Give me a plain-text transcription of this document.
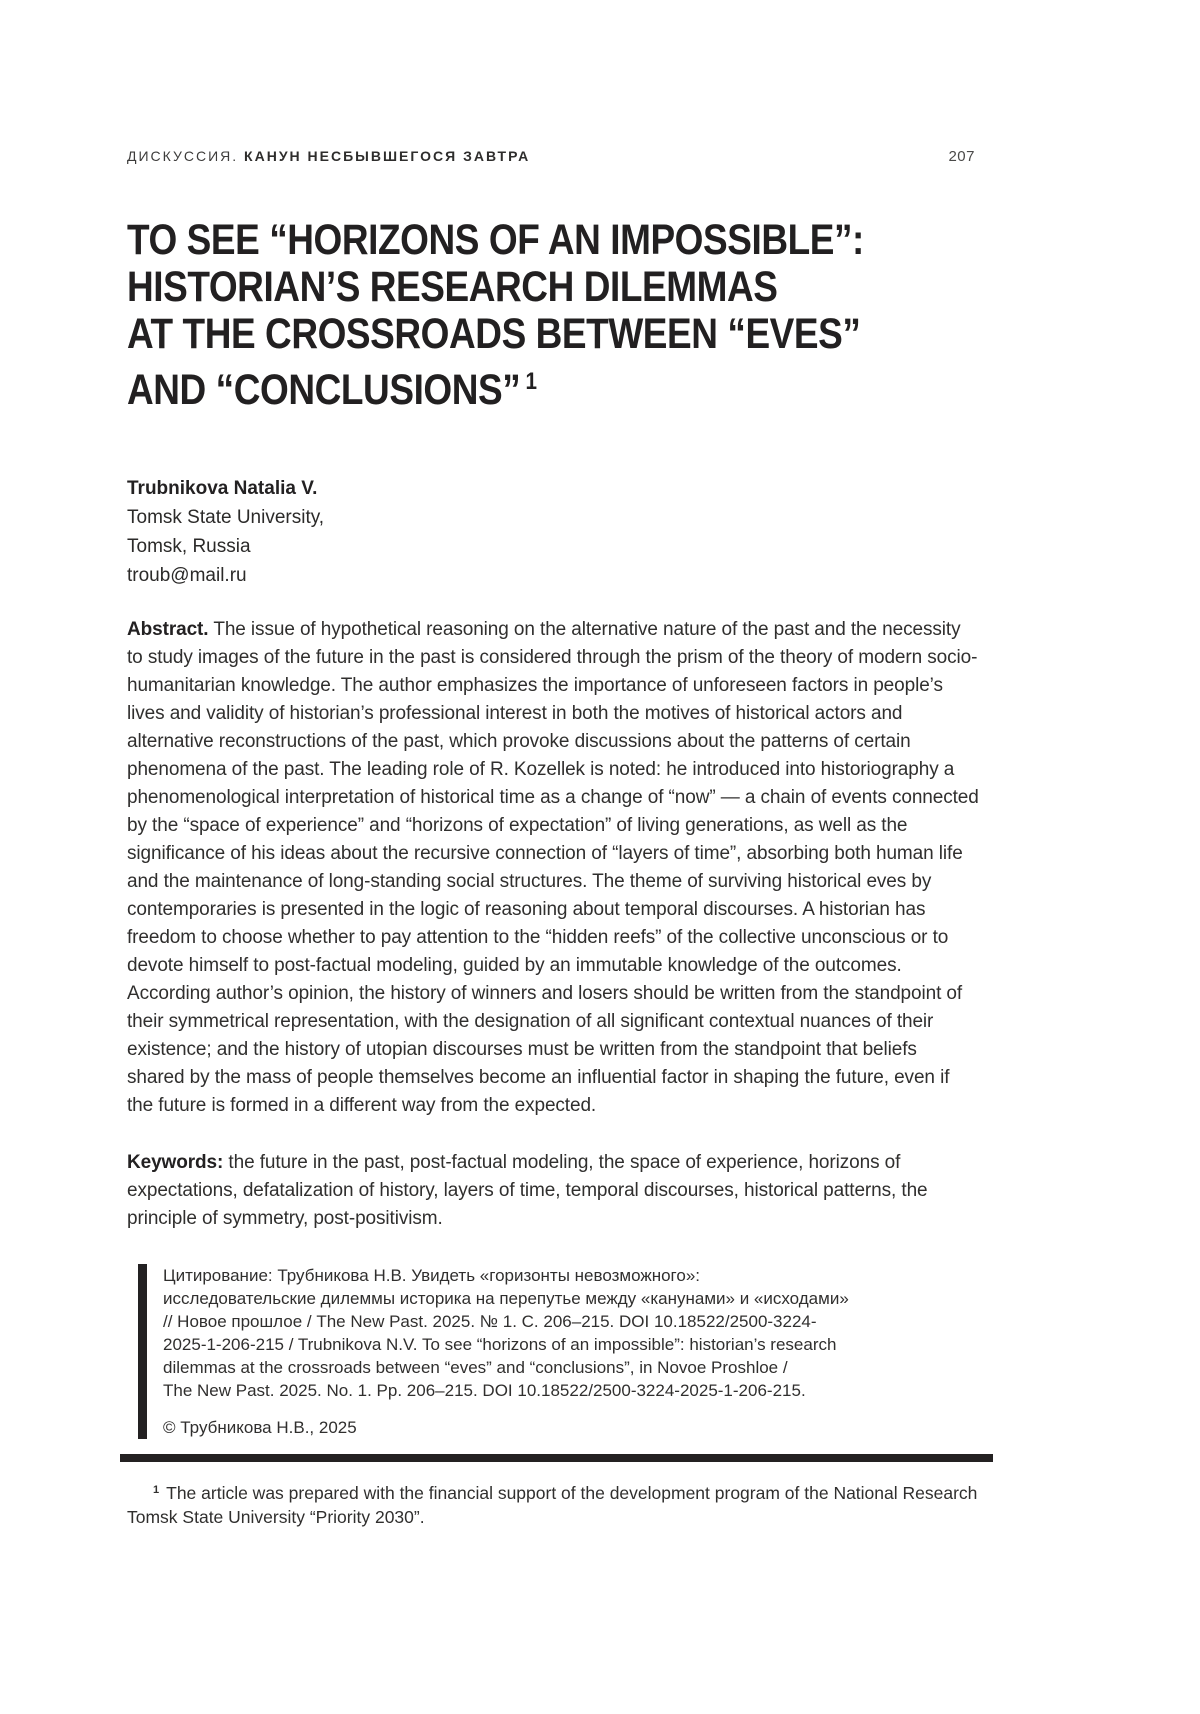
ДИСКУССИЯ. КАНУН НЕСБЫВШЕГОСЯ ЗАВТРА	207
TO SEE “HORIZONS OF AN IMPOSSIBLE”:
HISTORIAN’S RESEARCH DILEMMAS
AT THE CROSSROADS BETWEEN “EVES”
AND “CONCLUSIONS” $^1$
Trubnikova Natalia V.
Tomsk State University,
Tomsk, Russia
troub@mail.ru

Abstract. The issue of hypothetical reasoning on the alternative nature of the past and the necessity to study images of the future in the past is considered through the prism of the theory of modern socio-humanitarian knowledge. The author emphasizes the importance of unforeseen factors in people’s lives and validity of historian’s professional interest in both the motives of historical actors and alternative reconstructions of the past, which provoke discussions about the patterns of certain phenomena of the past. The leading role of R. Kozellek is noted: he introduced into historiography a phenomenological interpretation of historical time as a change of “now” — a chain of events connected by the “space of experience” and “horizons of expectation” of living generations, as well as the significance of his ideas about the recursive connection of “layers of time”, absorbing both human life and the maintenance of long-standing social structures. The theme of surviving historical eves by contemporaries is presented in the logic of reasoning about temporal discourses. A historian has freedom to choose whether to pay attention to the “hidden reefs” of the collective unconscious or to devote himself to post-factual modeling, guided by an immutable knowledge of the outcomes. According author’s opinion, the history of winners and losers should be written from the standpoint of their symmetrical representation, with the designation of all significant contextual nuances of their existence; and the history of utopian discourses must be written from the standpoint that beliefs shared by the mass of people themselves become an influential factor in shaping the future, even if the future is formed in a different way from the expected.

Keywords: the future in the past, post-factual modeling, the space of experience, horizons of expectations, defatalization of history, layers of time, temporal discourses, historical patterns, the principle of symmetry, post-positivism.

Цитирование: Трубникова Н.В. Увидеть «горизонты невозможного»:
исследовательские дилеммы историка на перепутье между «канунами» и «исходами»
// Новое прошлое / The New Past. 2025. № 1. С. 206–215. DOI 10.18522/2500-3224-
2025-1-206-215 / Trubnikova N.V. To see “horizons of an impossible”: historian’s research
dilemmas at the crossroads between “eves” and “conclusions”, in Novoe Proshloe /
The New Past. 2025. No. 1. Pp. 206–215. DOI 10.18522/2500-3224-2025-1-206-215.
© Трубникова Н.В., 2025

$^1$ The article was prepared with the financial support of the development program of the National Research Tomsk State University “Priority 2030”.
